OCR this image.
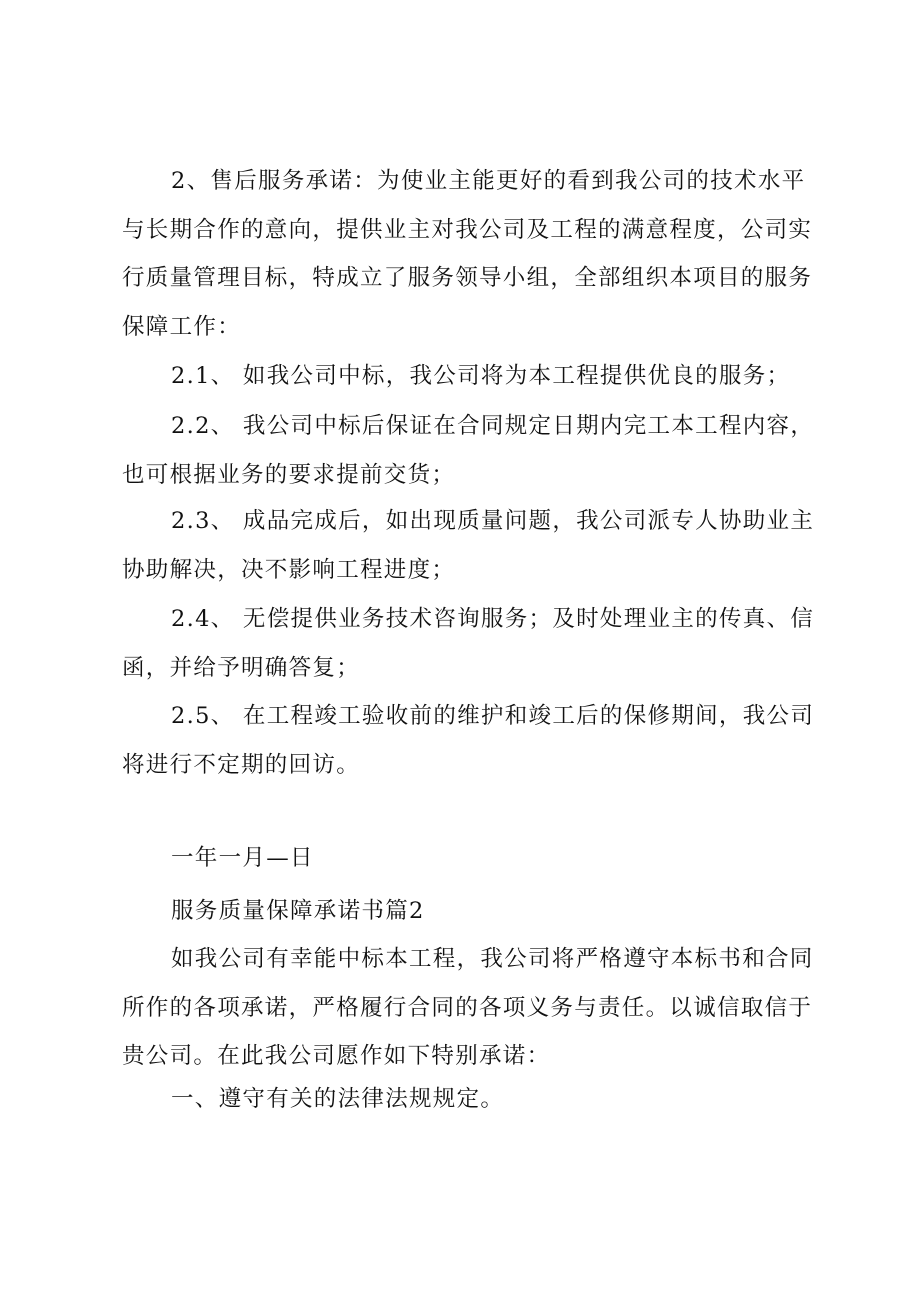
2、售后服务承诺：为使业主能更好的看到我公司的技术水平与长期合作的意向，提供业主对我公司及工程的满意程度，公司实行质量管理目标，特成立了服务领导小组，全部组织本项目的服务保障工作：

2.1、 如我公司中标，我公司将为本工程提供优良的服务；

2.2、 我公司中标后保证在合同规定日期内完工本工程内容，也可根据业务的要求提前交货；

2.3、 成品完成后，如出现质量问题，我公司派专人协助业主协助解决，决不影响工程进度；

2.4、 无偿提供业务技术咨询服务；及时处理业主的传真、信函，并给予明确答复；

2.5、 在工程竣工验收前的维护和竣工后的保修期间，我公司将进行不定期的回访。

一年一月—日

服务质量保障承诺书篇2

如我公司有幸能中标本工程，我公司将严格遵守本标书和合同所作的各项承诺，严格履行合同的各项义务与责任。以诚信取信于贵公司。在此我公司愿作如下特别承诺：

一、遵守有关的法律法规规定。
